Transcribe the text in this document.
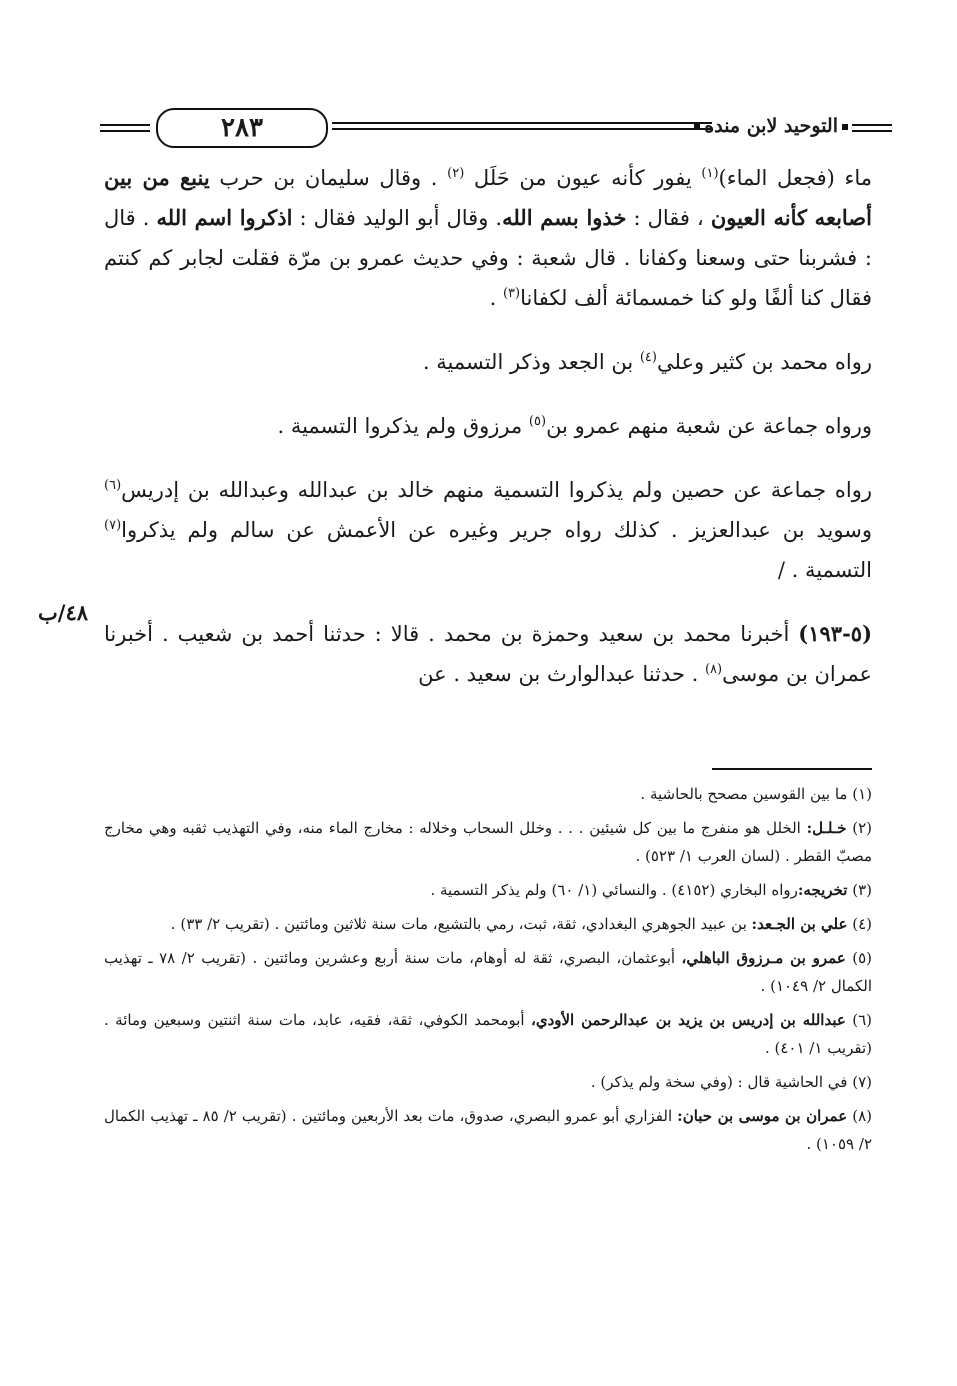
٢٨٣	التوحيد لابن منده

ماء (فجعل الماء)$^{(١)}$ يفور كأنه عيون من حَلَل $^{(٢)}$ . وقال سليمان بن حرب ينبع من بين أصابعه كأنه العيون ، فقال : خذوا بسم الله. وقال أبو الوليد فقال : اذكروا اسم الله . قال : فشربنا حتى وسعنا وكفانا . قال شعبة : وفي حديث عمرو بن مرّة فقلت لجابر كم كنتم فقال كنا ألفًا ولو كنا خمسمائة ألف لكفانا$^{(٣)}$ .

رواه محمد بن كثير وعلي$^{(٤)}$ بن الجعد وذكر التسمية .

ورواه جماعة عن شعبة منهم عمرو بن$^{(٥)}$ مرزوق ولم يذكروا التسمية .

رواه جماعة عن حصين ولم يذكروا التسمية منهم خالد بن عبدالله وعبدالله بن إدريس$^{(٦)}$ وسويد بن عبدالعزيز . كذلك رواه جرير وغيره عن الأعمش عن سالم ولم يذكروا$^{(٧)}$ التسمية . /

(٥-١٩٣) أخبرنا محمد بن سعيد وحمزة بن محمد . قالا : حدثنا أحمد بن شعيب . أخبرنا عمران بن موسى$^{(٨)}$ . حدثنا عبدالوارث بن سعيد . عن

٤٨/ب

(١) ما بين القوسين مصحح بالحاشية .

(٢) خـلـل: الخلل هو منفرج ما بين كل شيئين . . . وخلل السحاب وخلاله : مخارج الماء منه، وفي التهذيب ثقبه وهي مخارج مصبّ القطر . (لسان العرب ١/ ٥٢٣) .

(٣) تخريجه:رواه البخاري (٤١٥٢) . والنسائي (١/ ٦٠) ولم يذكر التسمية .

(٤) علي بن الجـعد: بن عبيد الجوهري البغدادي، ثقة، ثبت، رمي بالتشيع، مات سنة ثلاثين ومائتين . (تقريب ٢/ ٣٣) .

(٥) عمرو بن مـرزوق الباهلي، أبوعثمان، البصري، ثقة له أوهام، مات سنة أربع وعشرين ومائتين . (تقريب ٢/ ٧٨ ـ تهذيب الكمال ٢/ ١٠٤٩) .

(٦) عبدالله بن إدريس بن يزيد بن عبدالرحمن الأودي، أبومحمد الكوفي، ثقة، فقيه، عابد، مات سنة اثنتين وسبعين ومائة . (تقريب ١/ ٤٠١) .

(٧) في الحاشية قال : (وفي سخة ولم يذكر) .

(٨) عمران بن موسى بن حبان: الفزاري أبو عمرو البصري، صدوق، مات بعد الأربعين ومائتين . (تقريب ٢/ ٨٥ ـ تهذيب الكمال ٢/ ١٠٥٩) .
